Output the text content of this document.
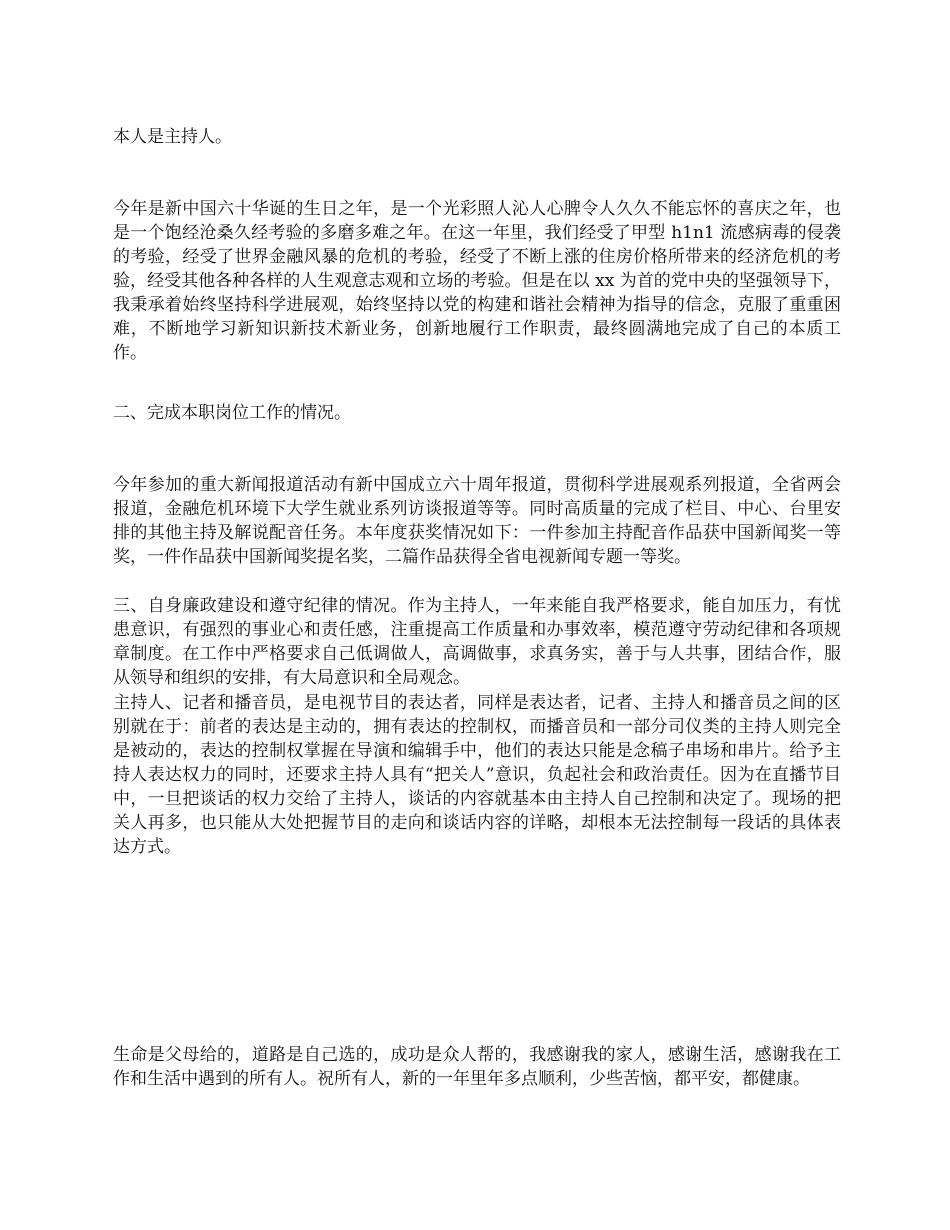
本人是主持人。

今年是新中国六十华诞的生日之年，是一个光彩照人沁人心脾令人久久不能忘怀的喜庆之年，也是一个饱经沧桑久经考验的多磨多难之年。在这一年里，我们经受了甲型 h1n1 流感病毒的侵袭的考验，经受了世界金融风暴的危机的考验，经受了不断上涨的住房价格所带来的经济危机的考验，经受其他各种各样的人生观意志观和立场的考验。但是在以 xx 为首的党中央的坚强领导下，我秉承着始终坚持科学进展观，始终坚持以党的构建和谐社会精神为指导的信念，克服了重重困难，不断地学习新知识新技术新业务，创新地履行工作职责，最终圆满地完成了自己的本质工作。

二、完成本职岗位工作的情况。

今年参加的重大新闻报道活动有新中国成立六十周年报道，贯彻科学进展观系列报道，全省两会报道，金融危机环境下大学生就业系列访谈报道等等。同时高质量的完成了栏目、中心、台里安排的其他主持及解说配音任务。本年度获奖情况如下：一件参加主持配音作品获中国新闻奖一等奖，一件作品获中国新闻奖提名奖，二篇作品获得全省电视新闻专题一等奖。

三、自身廉政建设和遵守纪律的情况。作为主持人，一年来能自我严格要求，能自加压力，有忧患意识，有强烈的事业心和责任感，注重提高工作质量和办事效率，模范遵守劳动纪律和各项规章制度。在工作中严格要求自己低调做人，高调做事，求真务实，善于与人共事，团结合作，服从领导和组织的安排，有大局意识和全局观念。

主持人、记者和播音员，是电视节目的表达者，同样是表达者，记者、主持人和播音员之间的区别就在于：前者的表达是主动的，拥有表达的控制权，而播音员和一部分司仪类的主持人则完全是被动的，表达的控制权掌握在导演和编辑手中，他们的表达只能是念稿子串场和串片。给予主持人表达权力的同时，还要求主持人具有“把关人”意识，负起社会和政治责任。因为在直播节目中，一旦把谈话的权力交给了主持人，谈话的内容就基本由主持人自己控制和决定了。现场的把关人再多，也只能从大处把握节目的走向和谈话内容的详略，却根本无法控制每一段话的具体表达方式。

生命是父母给的，道路是自己选的，成功是众人帮的，我感谢我的家人，感谢生活，感谢我在工作和生活中遇到的所有人。祝所有人，新的一年里年多点顺利，少些苦恼，都平安，都健康。
